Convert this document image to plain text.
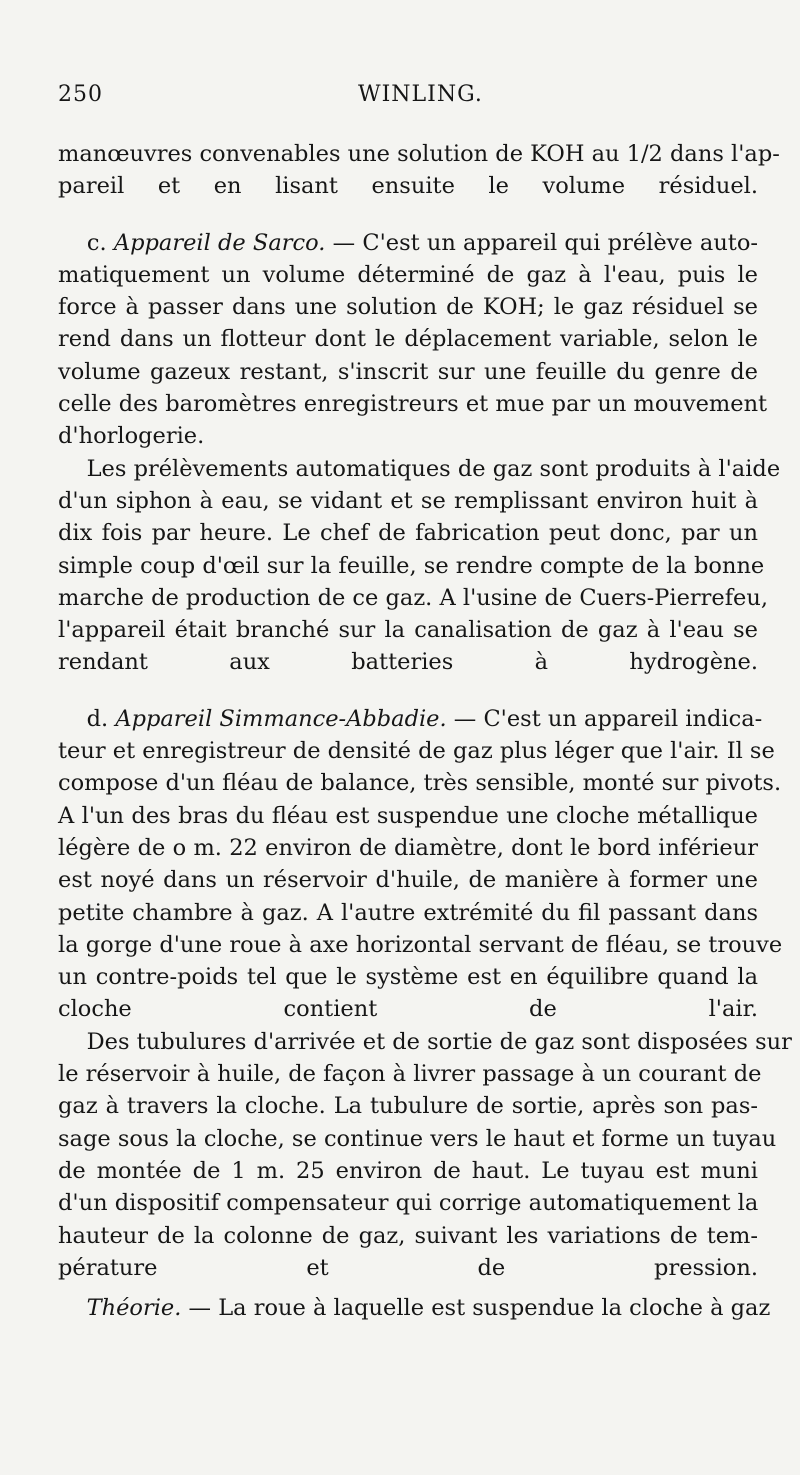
250	WINLING.
manœuvres convenables une solution de KOH au 1/2 dans l'ap-
pareil et en lisant ensuite le volume résiduel.
c. Appareil de Sarco. — C'est un appareil qui prélève auto-
matiquement un volume déterminé de gaz à l'eau, puis le
force à passer dans une solution de KOH; le gaz résiduel se
rend dans un flotteur dont le déplacement variable, selon le
volume gazeux restant, s'inscrit sur une feuille du genre de
celle des baromètres enregistreurs et mue par un mouvement
d'horlogerie.
Les prélèvements automatiques de gaz sont produits à l'aide
d'un siphon à eau, se vidant et se remplissant environ huit à
dix fois par heure. Le chef de fabrication peut donc, par un
simple coup d'œil sur la feuille, se rendre compte de la bonne
marche de production de ce gaz. A l'usine de Cuers-Pierrefeu,
l'appareil était branché sur la canalisation de gaz à l'eau se
rendant aux batteries à hydrogène.
d. Appareil Simmance-Abbadie. — C'est un appareil indica-
teur et enregistreur de densité de gaz plus léger que l'air. Il se
compose d'un fléau de balance, très sensible, monté sur pivots.
A l'un des bras du fléau est suspendue une cloche métallique
légère de o m. 22 environ de diamètre, dont le bord inférieur
est noyé dans un réservoir d'huile, de manière à former une
petite chambre à gaz. A l'autre extrémité du fil passant dans
la gorge d'une roue à axe horizontal servant de fléau, se trouve
un contre-poids tel que le système est en équilibre quand la
cloche contient de l'air.
Des tubulures d'arrivée et de sortie de gaz sont disposées sur
le réservoir à huile, de façon à livrer passage à un courant de
gaz à travers la cloche. La tubulure de sortie, après son pas-
sage sous la cloche, se continue vers le haut et forme un tuyau
de montée de 1 m. 25 environ de haut. Le tuyau est muni
d'un dispositif compensateur qui corrige automatiquement la
hauteur de la colonne de gaz, suivant les variations de tem-
pérature et de pression.
Théorie. — La roue à laquelle est suspendue la cloche à gaz
